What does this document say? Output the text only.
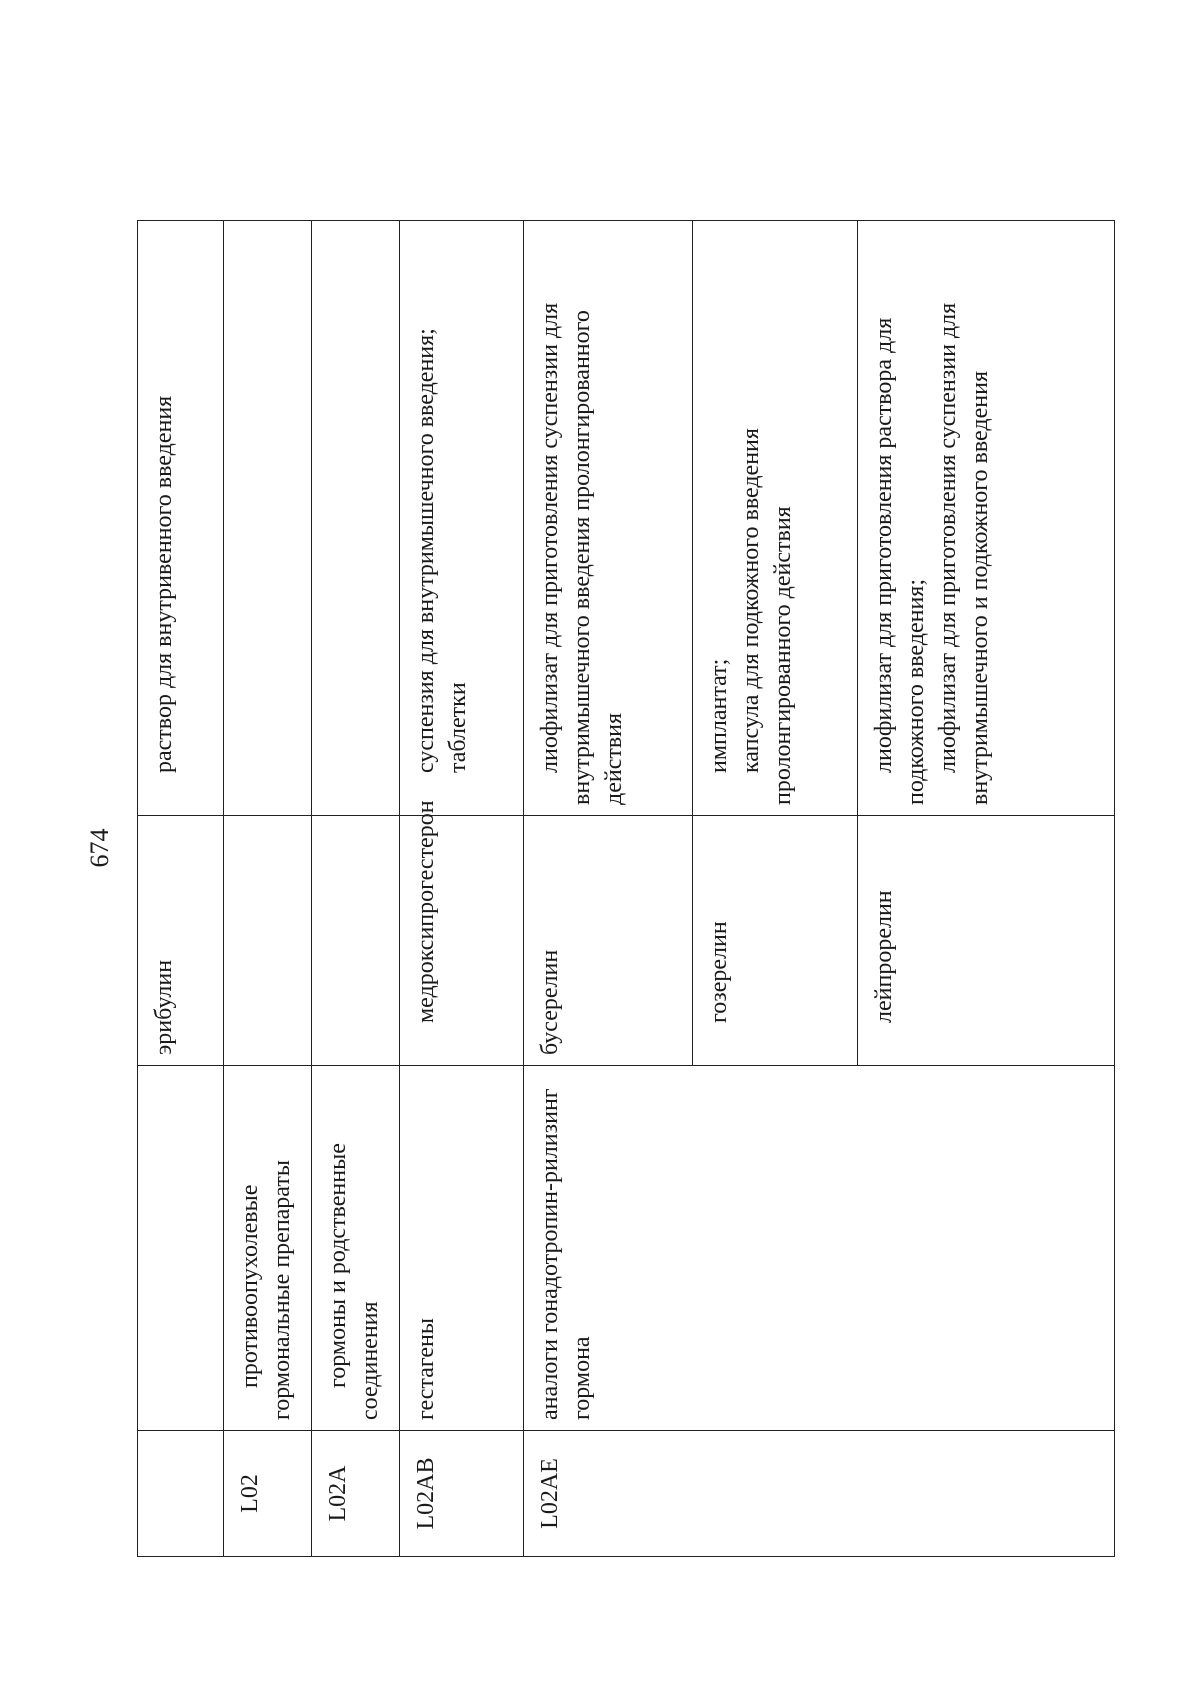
674
		эрибулин	раствор для внутривенного введения

L02	противоопухолевые гормональные препараты		
L02A	гормоны и родственные соединения		
L02AB	гестагены	медроксипрогестерон	суспензия для внутримышечного введения; таблетки

L02AE	аналоги гонадотропин-рилизинг гормона	бусерелин	лиофилизат для приготовления суспензии для внутримышечного введения пролонгированного действия

		гозерелин	имплантат; капсула для подкожного введения пролонгированного действия

		лейпрорелин	лиофилизат для приготовления раствора для подкожного введения; лиофилизат для приготовления суспензии для внутримышечного и подкожного введения
